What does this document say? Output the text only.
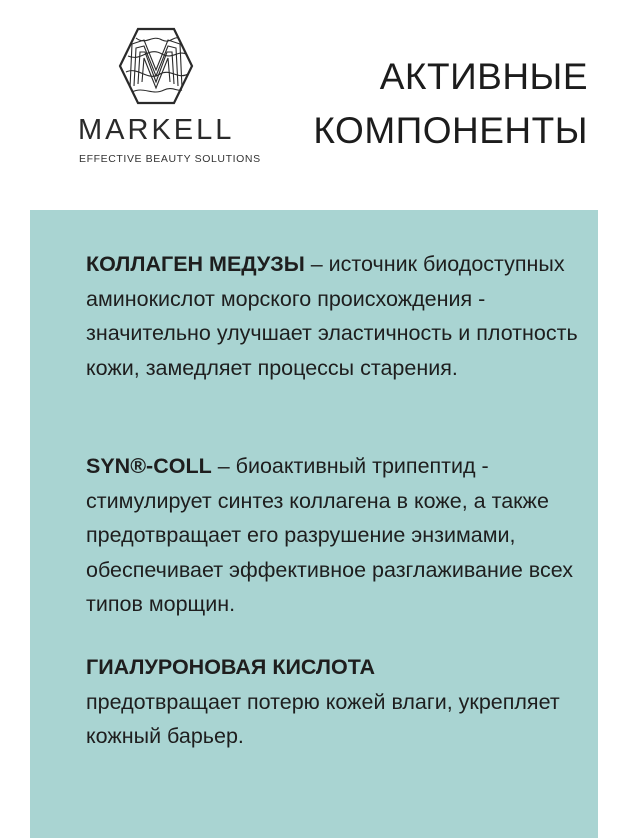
MARKELL
EFFECTIVE BEAUTY SOLUTIONS
АКТИВНЫЕ
КОМПОНЕНТЫ
КОЛЛАГЕН МЕДУЗЫ – источник биодоступных аминокислот морского происхождения - значительно улучшает эластичность и плотность кожи, замедляет процессы старения.
SYN®-COLL – биоактивный трипептид - стимулирует синтез коллагена в коже, а также предотвращает его разрушение энзимами, обеспечивает эффективное разглаживание всех типов морщин.
ГИАЛУРОНОВАЯ КИСЛОТА
предотвращает потерю кожей влаги, укрепляет кожный барьер.
